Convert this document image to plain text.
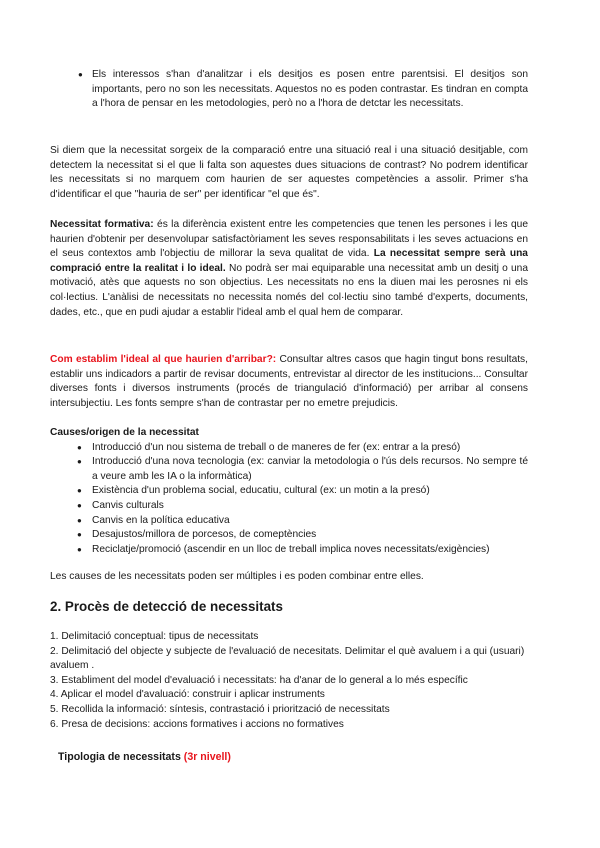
● Els interessos s'han d'analitzar i els desitjos es posen entre parentsisi. El desitjos son importants, pero no son les necessitats. Aquestos no es poden contrastar. Es tindran en compta a l'hora de pensar en les metodologies, però no a l'hora de detctar les necessitats.

Si diem que la necessitat sorgeix de la comparació entre una situació real i una situació desitjable, com detectem la necessitat si el que li falta son aquestes dues situacions de contrast? No podrem identificar les necessitats si no marquem com haurien de ser aquestes competències a assolir. Primer s'ha d'identificar el que "hauria de ser" per identificar "el que és".

Necessitat formativa: és la diferència existent entre les competencies que tenen les persones i les que haurien d'obtenir per desenvolupar satisfactòriament les seves responsabilitats i les seves actuacions en el seus contextos amb l'objectiu de millorar la seva qualitat de vida. La necessitat sempre serà una compració entre la realitat i lo ideal. No podrà ser mai equiparable una necessitat amb un desitj o una motivació, atès que aquests no son objectius. Les necessitats no ens la diuen mai les perosnes ni els col·lectius. L'anàlisi de necessitats no necessita només del col·lectiu sino també d'experts, documents, dades, etc., que en pudi ajudar a establir l'ideal amb el qual hem de comparar.

Com establim l'ideal al que haurien d'arribar?: Consultar altres casos que hagin tingut bons resultats, establir uns indicadors a partir de revisar documents, entrevistar al director de les institucions... Consultar diverses fonts i diversos instruments (procés de triangulació d'informació) per arribar al consens intersubjectiu. Les fonts sempre s'han de contrastar per no emetre prejudicis.

Causes/origen de la necessitat

● Introducció d'un nou sistema de treball o de maneres de fer (ex: entrar a la presó)
● Introducció d'una nova tecnologia (ex: canviar la metodologia o l'ús dels recursos. No sempre té a veure amb les IA o la informàtica)
● Existència d'un problema social, educatiu, cultural (ex: un motin a la presó)
● Canvis culturals
● Canvis en la política educativa
● Desajustos/millora de porcesos, de comeptències
● Reciclatje/promoció (ascendir en un lloc de treball implica noves necessitats/exigències)

Les causes de les necessitats poden ser múltiples i es poden combinar entre elles.

2. Procès de detecció de necessitats

1. Delimitació conceptual: tipus de necessitats

2. Delimitació del objecte y subjecte de l'evaluació de necesitats. Delimitar el què avaluem i a qui (usuari) avaluem .

3. Establiment del model d'evaluació i necessitats: ha d'anar de lo general a lo més específic

4. Aplicar el model d'avaluació: construir i aplicar instruments

5. Recollida la informació: síntesis, contrastació i priorització de necessitats

6. Presa de decisions: accions formatives i accions no formatives

Tipologia de necessitats (3r nivell)
